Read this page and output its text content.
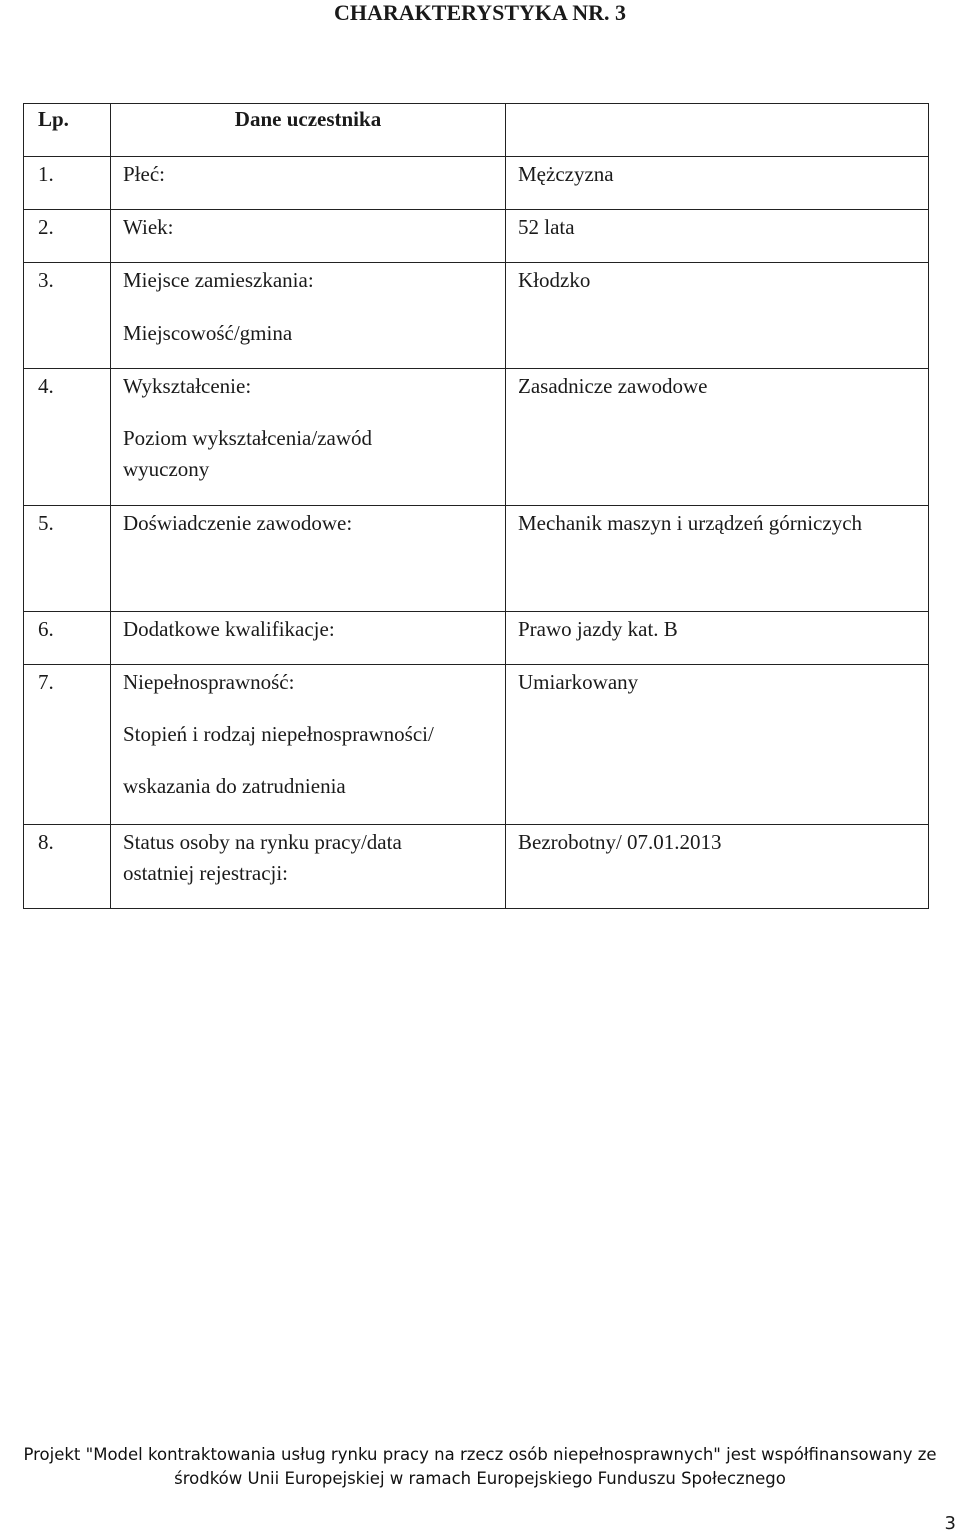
CHARAKTERYSTYKA NR. 3
Lp.	Dane uczestnika	

1.	Płeć:	Mężczyzna

2.	Wiek:	52 lata

3.	Miejsce zamieszkania:
Miejscowość/gmina	Kłodzko

4.	Wykształcenie:
Poziom wykształcenia/zawód
wyuczony	Zasadnicze zawodowe

5.	Doświadczenie zawodowe:	Mechanik maszyn i urządzeń górniczych

6.	Dodatkowe kwalifikacje:	Prawo jazdy kat. B

7.	Niepełnosprawność:
Stopień i rodzaj niepełnosprawności/
wskazania do zatrudnienia	Umiarkowany

8.	Status osoby na rynku pracy/data
ostatniej rejestracji:	Bezrobotny/ 07.01.2013
Projekt "Model kontraktowania usług rynku pracy na rzecz osób niepełnosprawnych" jest współfinansowany ze
środków Unii Europejskiej w ramach Europejskiego Funduszu Społecznego
3
